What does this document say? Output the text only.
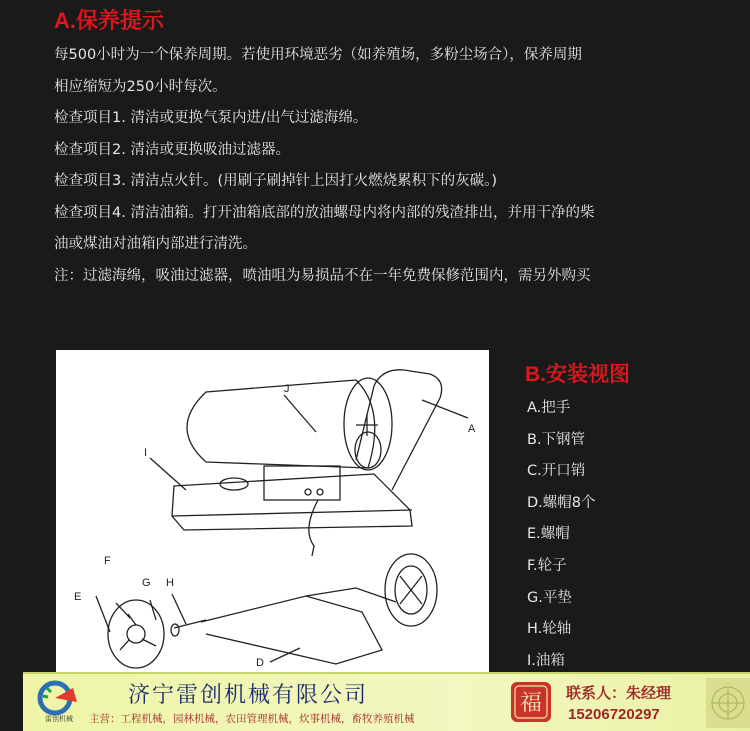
A.保养提示

每500小时为一个保养周期。若使用环境恶劣（如养殖场，多粉尘场合），保养周期

相应缩短为250小时每次。

检查项目1. 清洁或更换气泵内进/出气过滤海绵。

检查项目2. 清洁或更换吸油过滤器。

检查项目3. 清洁点火针。(用刷子刷掉针上因打火燃烧累积下的灰碳。)

检查项目4. 清洁油箱。打开油箱底部的放油螺母内将内部的残渣排出，并用干净的柴

油或煤油对油箱内部进行清洗。

注：过滤海绵，吸油过滤器，喷油咀为易损品不在一年免费保修范围内，需另外购买

J
A
I
F
G H
E
D
B.安装视图
A.把手
B.下钢管
C.开口销
D.螺帽8个
E.螺帽
F.轮子
G.平垫
H.轮轴
I.油箱
雷创机械
济宁雷创机械有限公司
主营：工程机械，园林机械，农田管理机械，炊事机械，畜牧养殖机械
福 联系人：朱经理
15206720297
